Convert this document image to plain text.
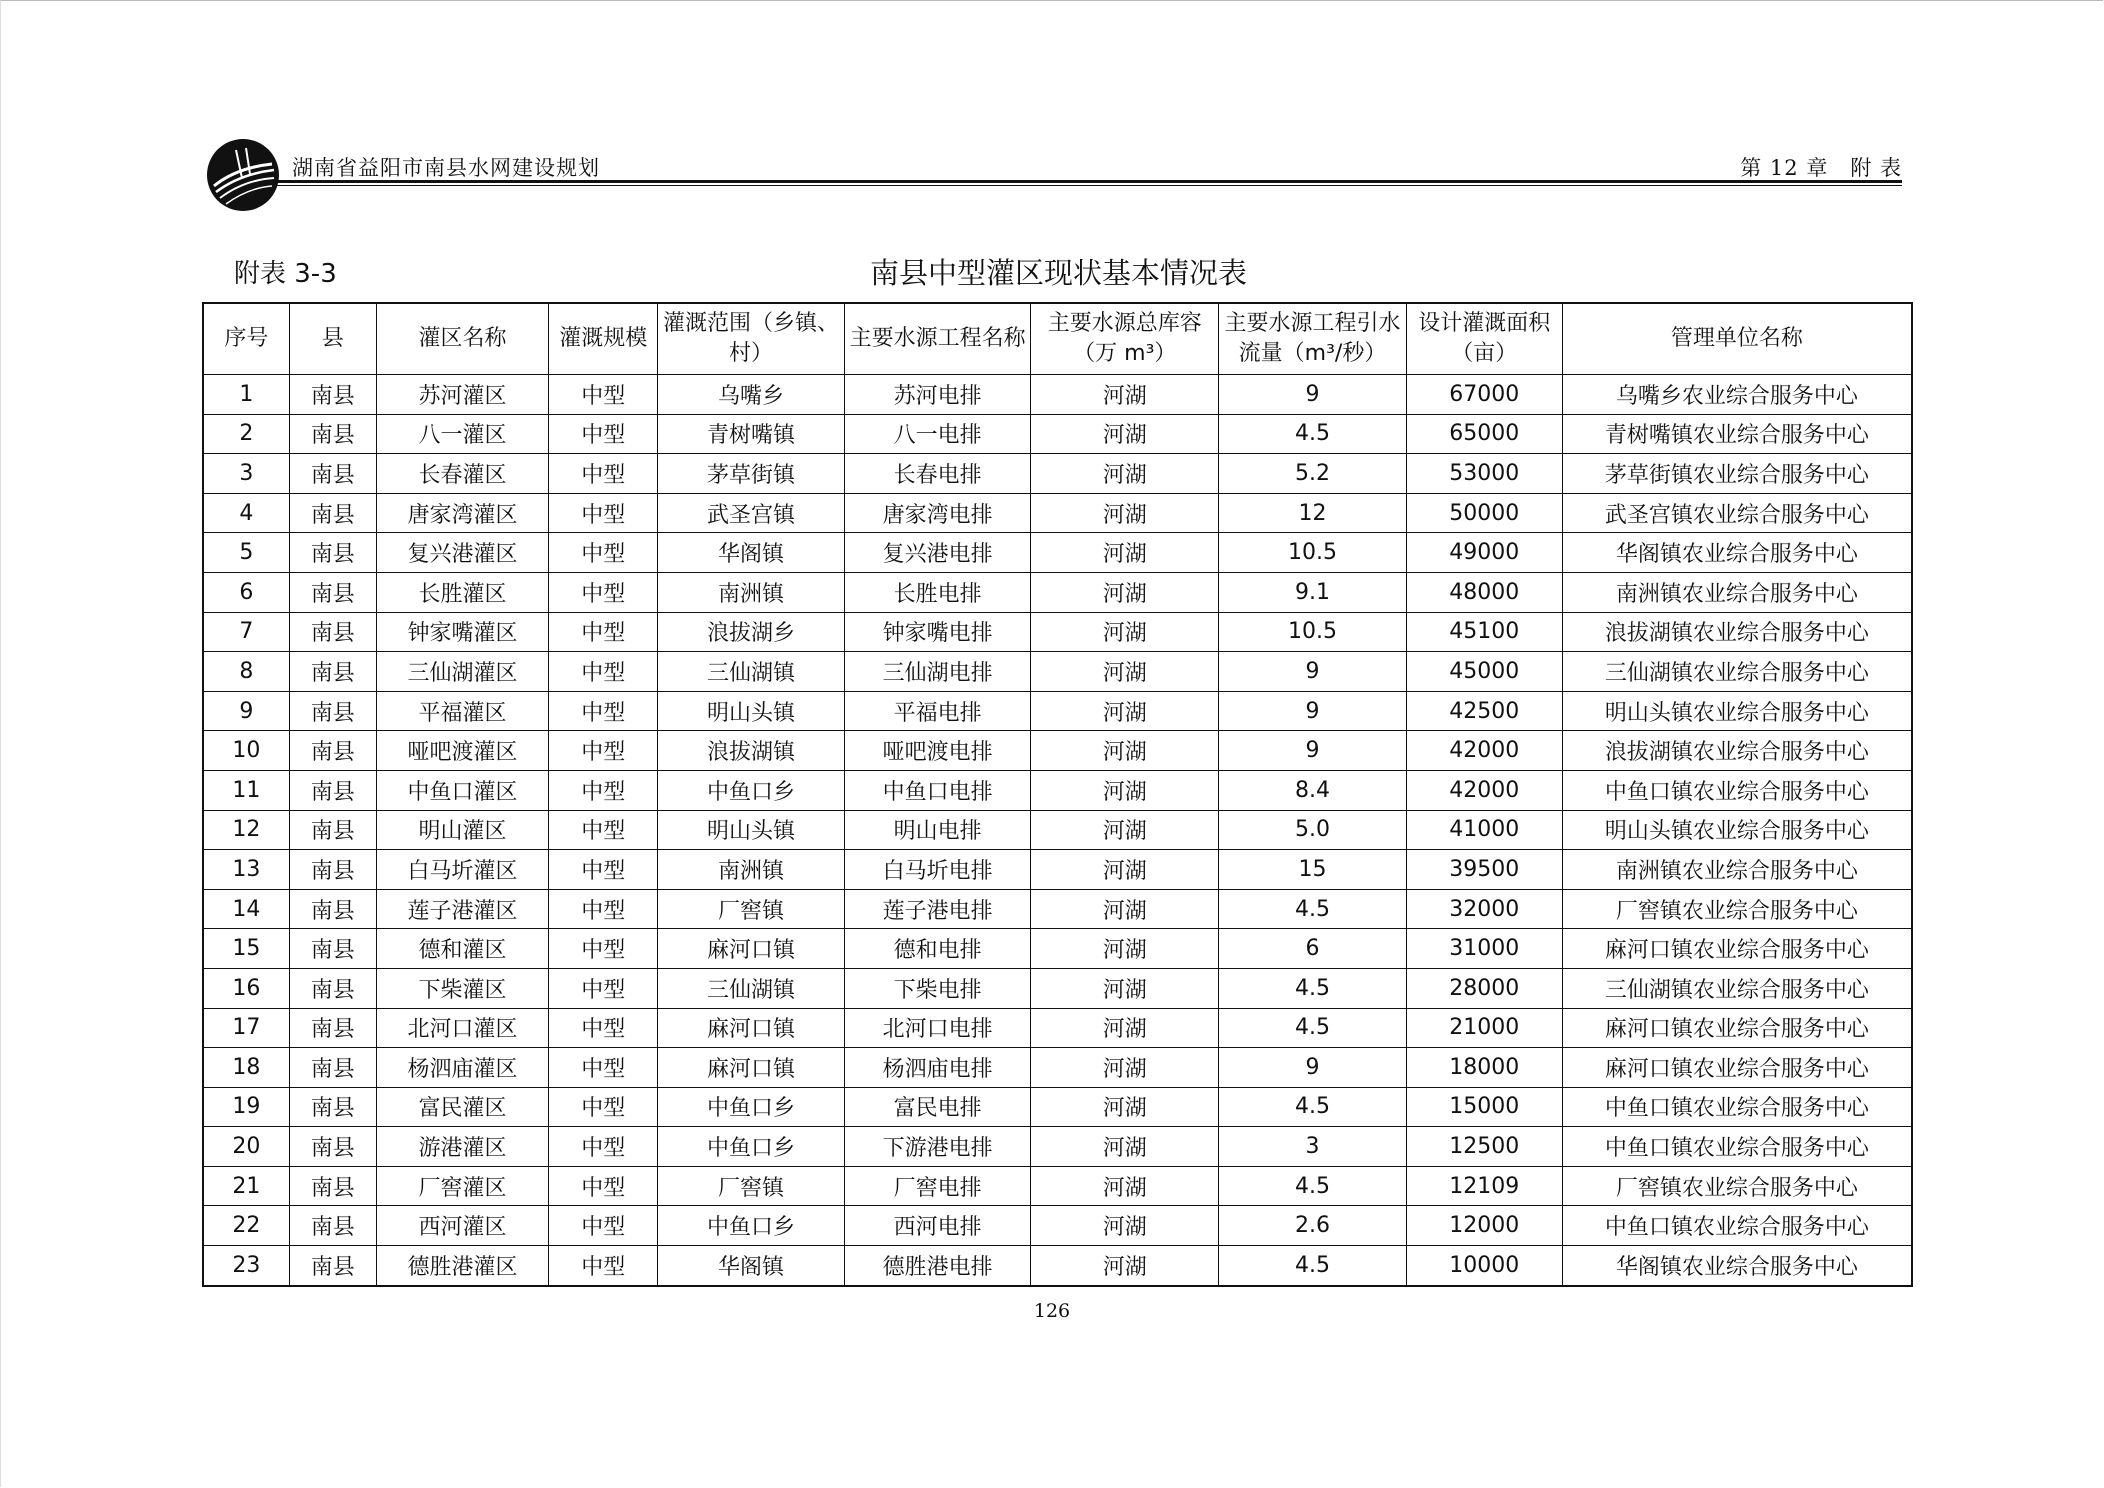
湖南省益阳市南县水网建设规划	第 12 章　附 表
附表 3-3	南县中型灌区现状基本情况表
序号	县	灌区名称	灌溉规模	灌溉范围（乡镇、村）	主要水源工程名称	主要水源总库容（万 m³）	主要水源工程引水流量（m³/秒）	设计灌溉面积（亩）	管理单位名称
1	南县	苏河灌区	中型	乌嘴乡	苏河电排	河湖	9	67000	乌嘴乡农业综合服务中心
2	南县	八一灌区	中型	青树嘴镇	八一电排	河湖	4.5	65000	青树嘴镇农业综合服务中心
3	南县	长春灌区	中型	茅草街镇	长春电排	河湖	5.2	53000	茅草街镇农业综合服务中心
4	南县	唐家湾灌区	中型	武圣宫镇	唐家湾电排	河湖	12	50000	武圣宫镇农业综合服务中心
5	南县	复兴港灌区	中型	华阁镇	复兴港电排	河湖	10.5	49000	华阁镇农业综合服务中心
6	南县	长胜灌区	中型	南洲镇	长胜电排	河湖	9.1	48000	南洲镇农业综合服务中心
7	南县	钟家嘴灌区	中型	浪拔湖乡	钟家嘴电排	河湖	10.5	45100	浪拔湖镇农业综合服务中心
8	南县	三仙湖灌区	中型	三仙湖镇	三仙湖电排	河湖	9	45000	三仙湖镇农业综合服务中心
9	南县	平福灌区	中型	明山头镇	平福电排	河湖	9	42500	明山头镇农业综合服务中心
10	南县	哑吧渡灌区	中型	浪拔湖镇	哑吧渡电排	河湖	9	42000	浪拔湖镇农业综合服务中心
11	南县	中鱼口灌区	中型	中鱼口乡	中鱼口电排	河湖	8.4	42000	中鱼口镇农业综合服务中心
12	南县	明山灌区	中型	明山头镇	明山电排	河湖	5.0	41000	明山头镇农业综合服务中心
13	南县	白马圻灌区	中型	南洲镇	白马圻电排	河湖	15	39500	南洲镇农业综合服务中心
14	南县	莲子港灌区	中型	厂窖镇	莲子港电排	河湖	4.5	32000	厂窖镇农业综合服务中心
15	南县	德和灌区	中型	麻河口镇	德和电排	河湖	6	31000	麻河口镇农业综合服务中心
16	南县	下柴灌区	中型	三仙湖镇	下柴电排	河湖	4.5	28000	三仙湖镇农业综合服务中心
17	南县	北河口灌区	中型	麻河口镇	北河口电排	河湖	4.5	21000	麻河口镇农业综合服务中心
18	南县	杨泗庙灌区	中型	麻河口镇	杨泗庙电排	河湖	9	18000	麻河口镇农业综合服务中心
19	南县	富民灌区	中型	中鱼口乡	富民电排	河湖	4.5	15000	中鱼口镇农业综合服务中心
20	南县	游港灌区	中型	中鱼口乡	下游港电排	河湖	3	12500	中鱼口镇农业综合服务中心
21	南县	厂窖灌区	中型	厂窖镇	厂窖电排	河湖	4.5	12109	厂窖镇农业综合服务中心
22	南县	西河灌区	中型	中鱼口乡	西河电排	河湖	2.6	12000	中鱼口镇农业综合服务中心
23	南县	德胜港灌区	中型	华阁镇	德胜港电排	河湖	4.5	10000	华阁镇农业综合服务中心
126
